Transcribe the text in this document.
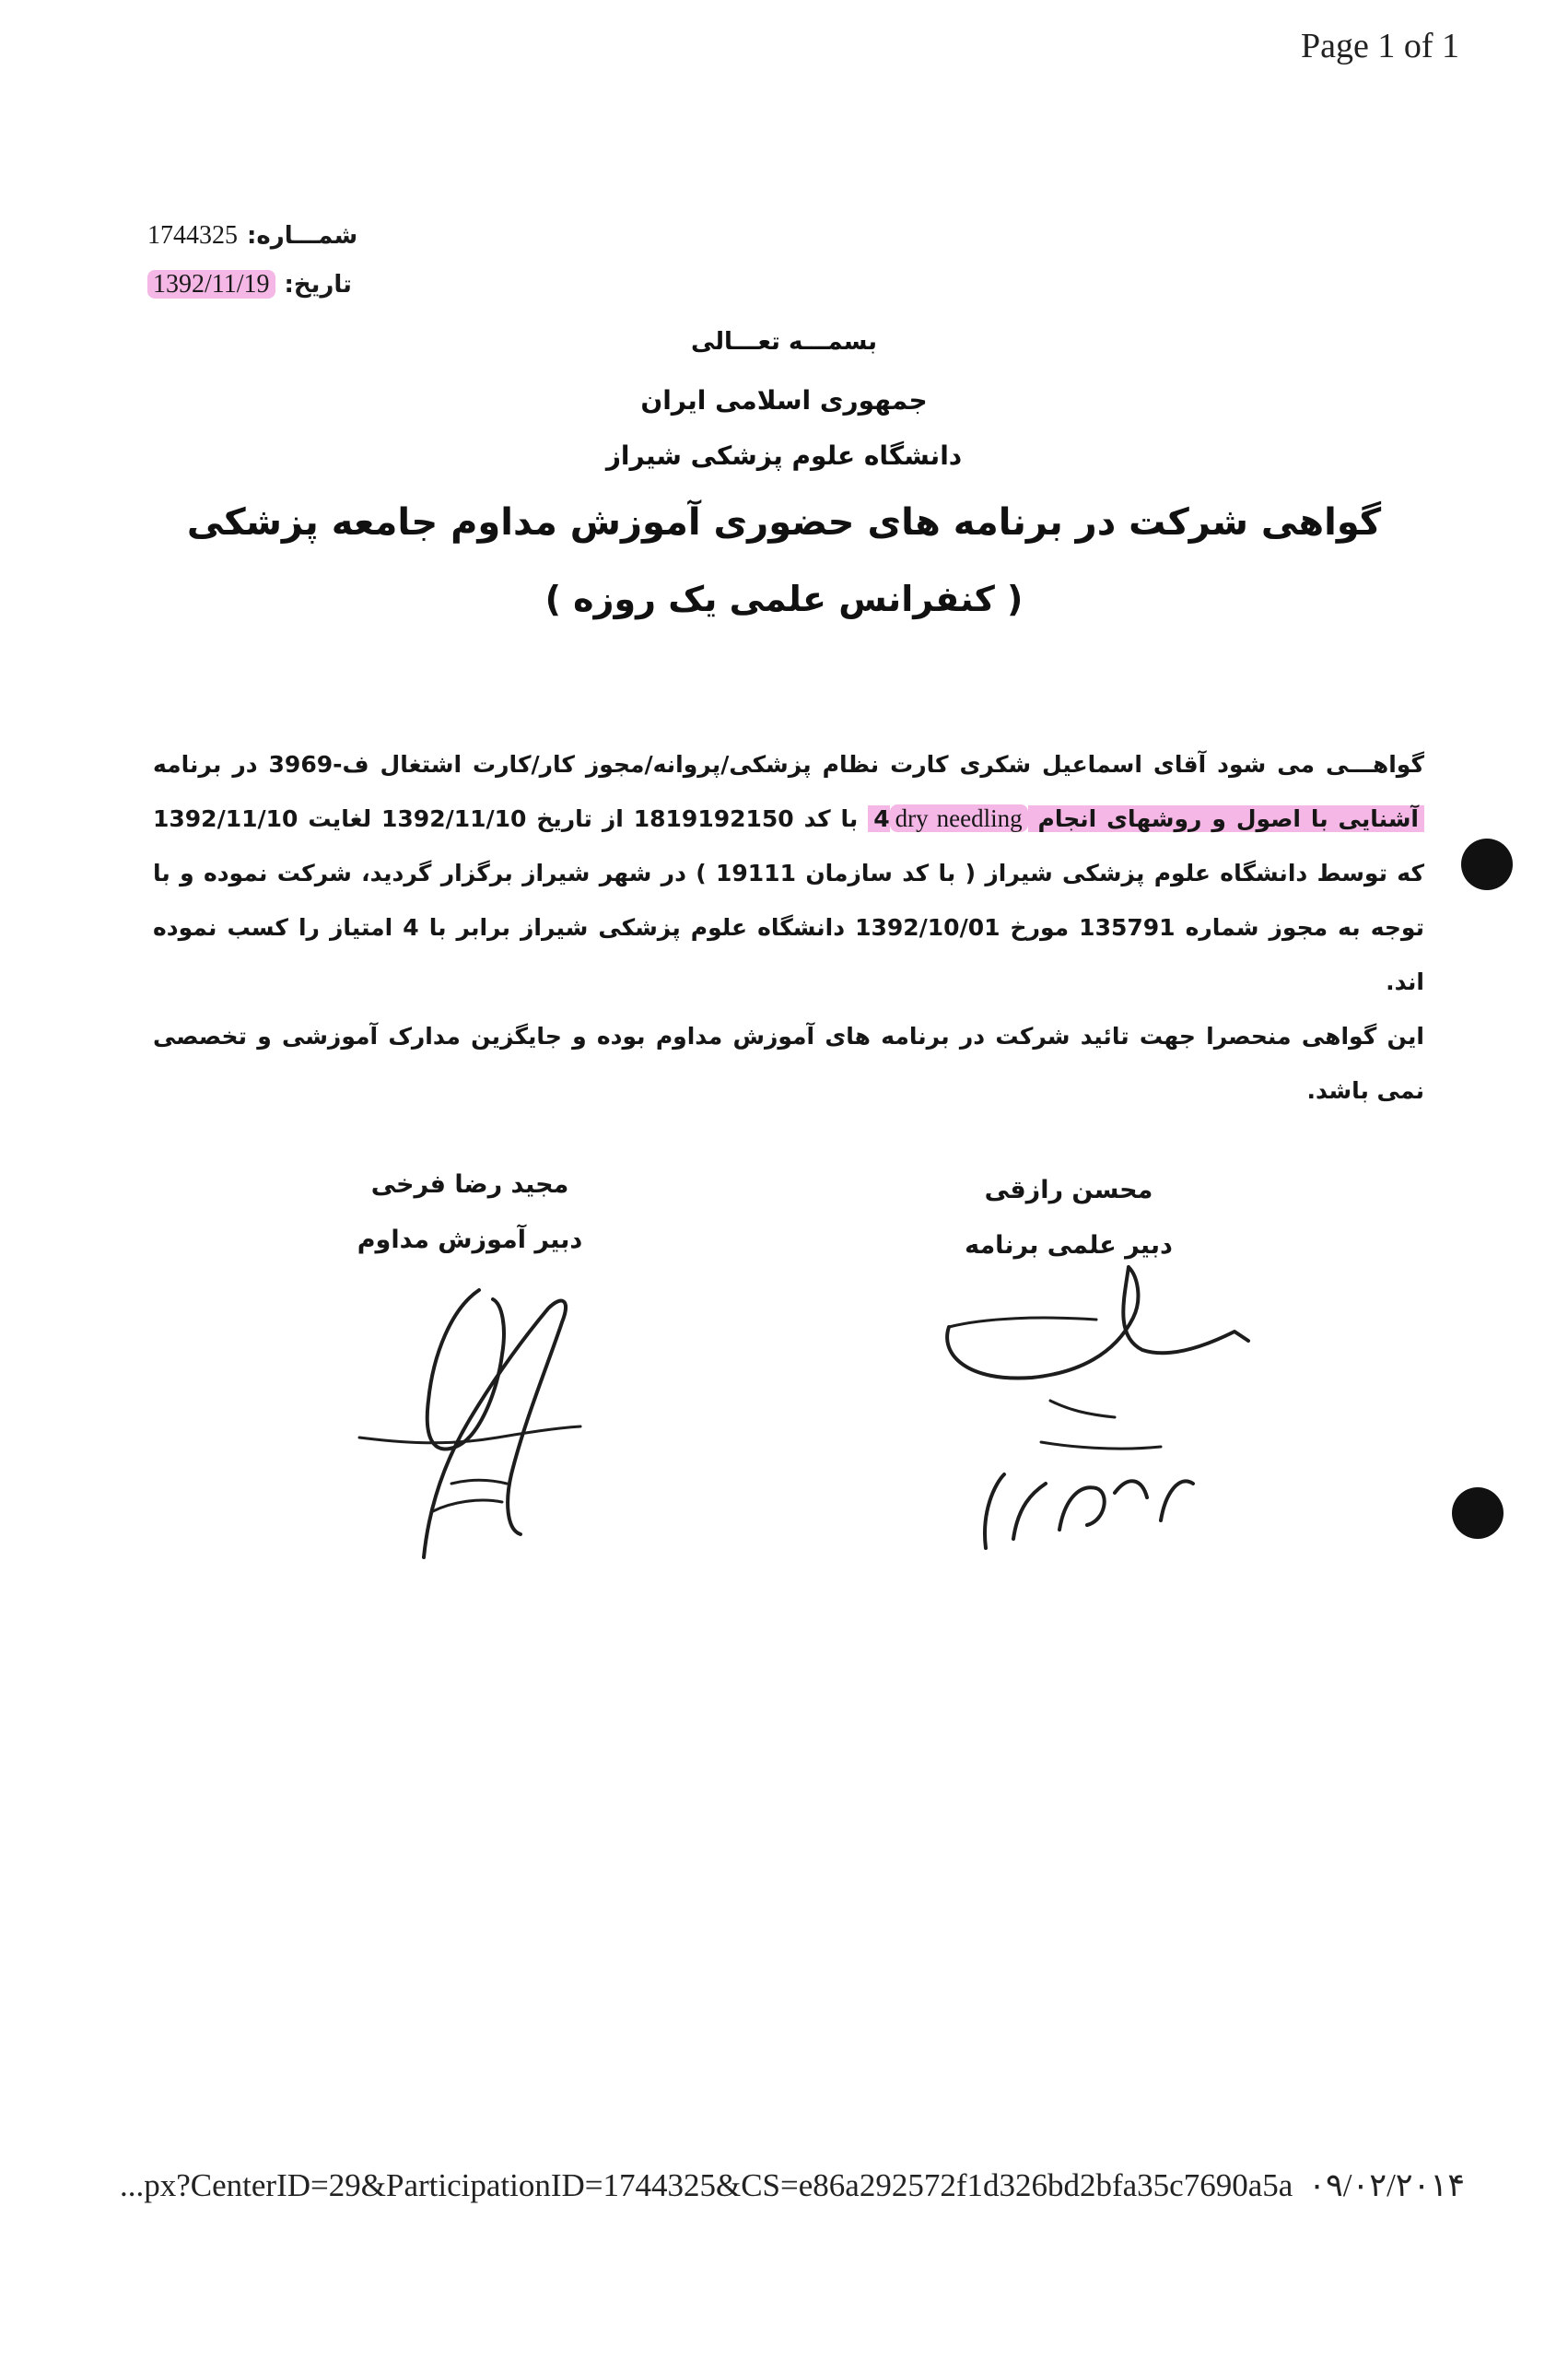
Page 1 of 1
شمـــاره:1744325
تاریخ:1392/11/19
بسمـــه تعـــالی
جمهوری اسلامی ایران
دانشگاه علوم پزشکی شیراز
گواهی شرکت در برنامه های حضوری آموزش مداوم جامعه پزشکی
( کنفرانس علمی یک روزه )

گواهـــی می شود آقای اسماعیل شکری کارت نظام پزشکی/پروانه/مجوز کار/کارت اشتغال ف-3969 در برنامه آشنایی با اصول و روشهای انجام 4dry needling با کد 1819192150 از تاریخ 1392/11/10 لغایت 1392/11/10 که توسط دانشگاه علوم پزشکی شیراز ( با کد سازمان 19111 ) در شهر شیراز برگزار گردید، شرکت نموده و با توجه به مجوز شماره 135791 مورخ 1392/10/01 دانشگاه علوم پزشکی شیراز برابر با 4 امتیاز را کسب نموده اند.

این گواهی منحصرا جهت تائید شرکت در برنامه های آموزش مداوم بوده و جایگزین مدارک آموزشی و تخصصی نمی باشد.

محسن رازقی
دبیر علمی برنامه
مجید رضا فرخی
دبیر آموزش مداوم
...px?CenterID=29&ParticipationID=1744325&CS=e86a292572f1d326bd2bfa35c7690a5a ۰۹/۰۲/۲۰۱۴
